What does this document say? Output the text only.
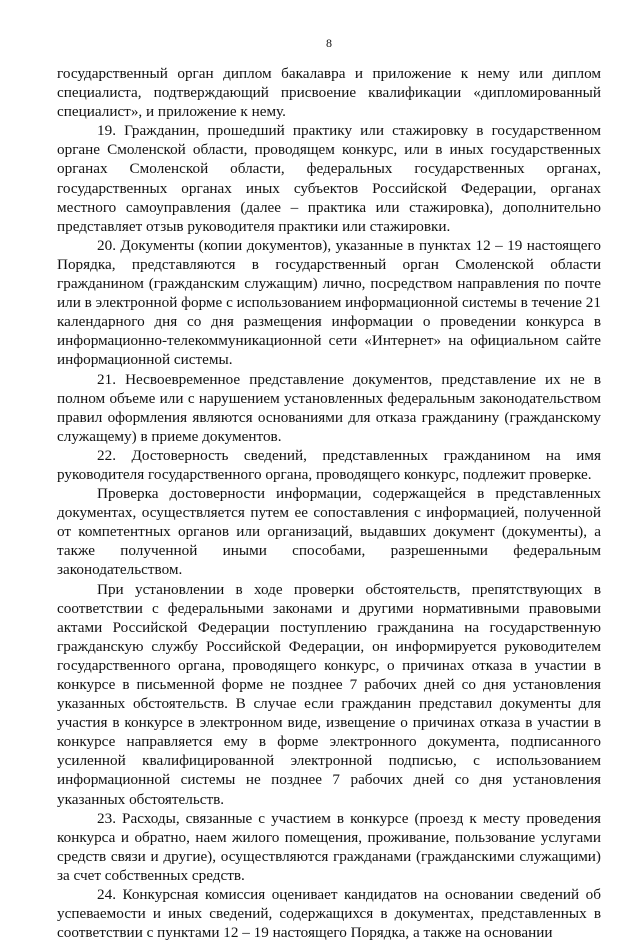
8

государственный орган диплом бакалавра и приложение к нему или диплом специалиста, подтверждающий присвоение квалификации «дипломированный специалист», и приложение к нему.

19. Гражданин, прошедший практику или стажировку в государственном органе Смоленской области, проводящем конкурс, или в иных государственных органах Смоленской области, федеральных государственных органах, государственных органах иных субъектов Российской Федерации, органах местного самоуправления (далее – практика или стажировка), дополнительно представляет отзыв руководителя практики или стажировки.

20. Документы (копии документов), указанные в пунктах 12 – 19 настоящего Порядка, представляются в государственный орган Смоленской области гражданином (гражданским служащим) лично, посредством направления по почте или в электронной форме с использованием информационной системы в течение 21 календарного дня со дня размещения информации о проведении конкурса в информационно-телекоммуникационной сети «Интернет» на официальном сайте информационной системы.

21. Несвоевременное представление документов, представление их не в полном объеме или с нарушением установленных федеральным законодательством правил оформления являются основаниями для отказа гражданину (гражданскому служащему) в приеме документов.

22. Достоверность сведений, представленных гражданином на имя руководителя государственного органа, проводящего конкурс, подлежит проверке.

Проверка достоверности информации, содержащейся в представленных документах, осуществляется путем ее сопоставления с информацией, полученной от компетентных органов или организаций, выдавших документ (документы), а также полученной иными способами, разрешенными федеральным законодательством.

При установлении в ходе проверки обстоятельств, препятствующих в соответствии с федеральными законами и другими нормативными правовыми актами Российской Федерации поступлению гражданина на государственную гражданскую службу Российской Федерации, он информируется руководителем государственного органа, проводящего конкурс, о причинах отказа в участии в конкурсе в письменной форме не позднее 7 рабочих дней со дня установления указанных обстоятельств. В случае если гражданин представил документы для участия в конкурсе в электронном виде, извещение о причинах отказа в участии в конкурсе направляется ему в форме электронного документа, подписанного усиленной квалифицированной электронной подписью, с использованием информационной системы не позднее 7 рабочих дней со дня установления указанных обстоятельств.

23. Расходы, связанные с участием в конкурсе (проезд к месту проведения конкурса и обратно, наем жилого помещения, проживание, пользование услугами средств связи и другие), осуществляются гражданами (гражданскими служащими) за счет собственных средств.

24. Конкурсная комиссия оценивает кандидатов на основании сведений об успеваемости и иных сведений, содержащихся в документах, представленных в соответствии с пунктами 12 – 19 настоящего Порядка, а также на основании
